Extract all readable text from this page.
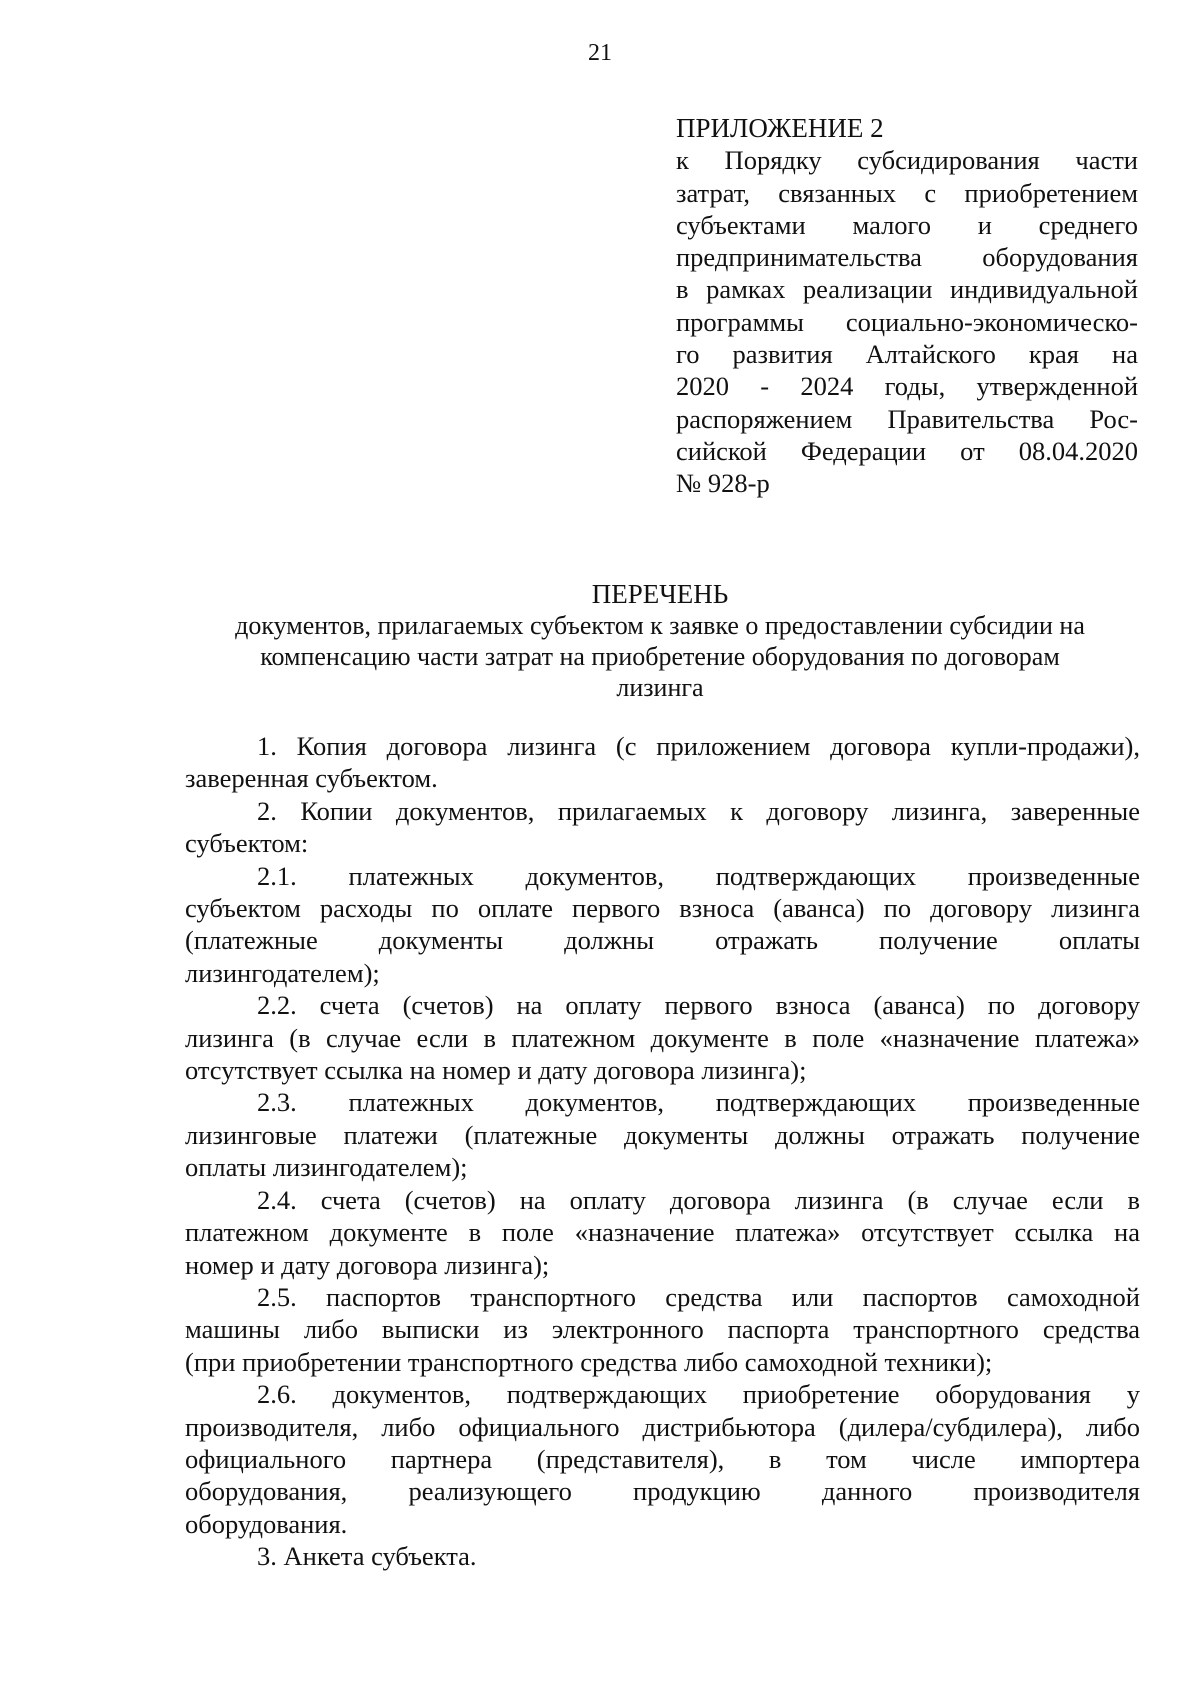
21
ПРИЛОЖЕНИЕ 2
к Порядку субсидирования части
затрат, связанных с приобретением
субъектами малого и среднего
предпринимательства оборудования
в рамках реализации индивидуальной
программы социально-экономическо-
го развития Алтайского края на
2020 - 2024 годы, утвержденной
распоряжением Правительства Рос-
сийской Федерации от 08.04.2020
№ 928-р
ПЕРЕЧЕНЬ
документов, прилагаемых субъектом к заявке о предоставлении субсидии на
компенсацию части затрат на приобретение оборудования по договорам
лизинга
1. Копия договора лизинга (с приложением договора купли-продажи),
заверенная субъектом.
2. Копии документов, прилагаемых к договору лизинга, заверенные
субъектом:
2.1. платежных документов, подтверждающих произведенные
субъектом расходы по оплате первого взноса (аванса) по договору лизинга
(платежные документы должны отражать получение оплаты
лизингодателем);
2.2. счета (счетов) на оплату первого взноса (аванса) по договору
лизинга (в случае если в платежном документе в поле «назначение платежа»
отсутствует ссылка на номер и дату договора лизинга);
2.3. платежных документов, подтверждающих произведенные
лизинговые платежи (платежные документы должны отражать получение
оплаты лизингодателем);
2.4. счета (счетов) на оплату договора лизинга (в случае если в
платежном документе в поле «назначение платежа» отсутствует ссылка на
номер и дату договора лизинга);
2.5. паспортов транспортного средства или паспортов самоходной
машины либо выписки из электронного паспорта транспортного средства
(при приобретении транспортного средства либо самоходной техники);
2.6. документов, подтверждающих приобретение оборудования у
производителя, либо официального дистрибьютора (дилера/субдилера), либо
официального партнера (представителя), в том числе импортера
оборудования, реализующего продукцию данного производителя
оборудования.
3. Анкета субъекта.
